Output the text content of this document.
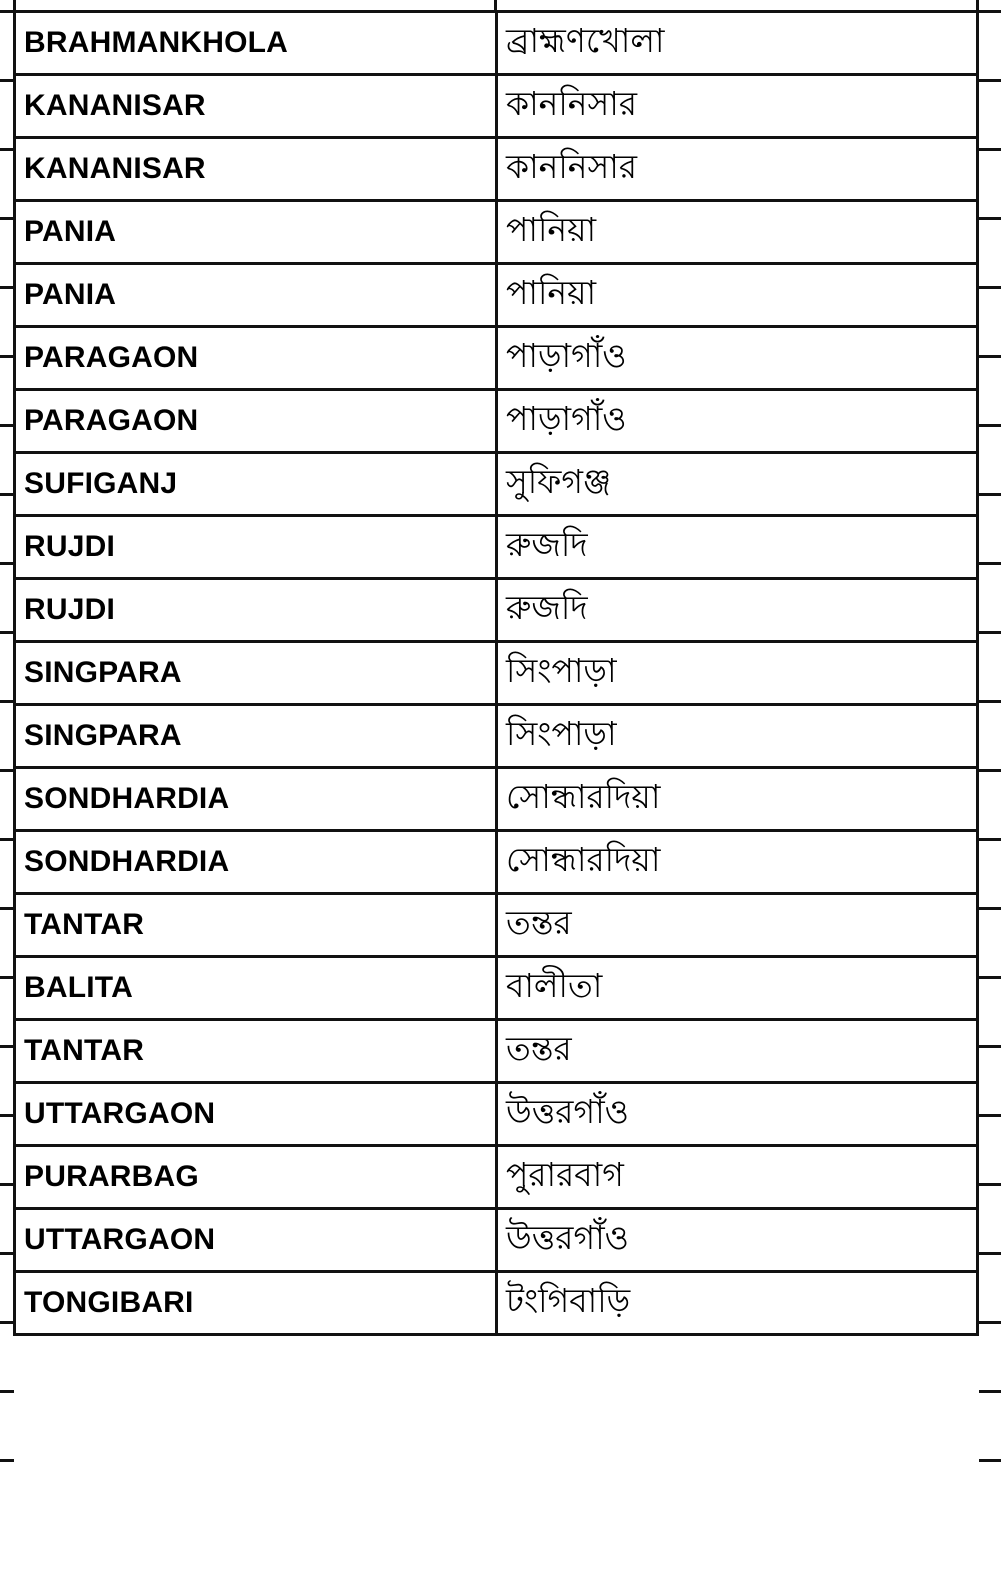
BRAHMANKHOLA	ব্রাহ্মণখোলা
KANANISAR	কাননিসার
KANANISAR	কাননিসার
PANIA	পানিয়া
PANIA	পানিয়া
PARAGAON	পাড়াগাঁও
PARAGAON	পাড়াগাঁও
SUFIGANJ	সুফিগঞ্জ
RUJDI	রুজদি
RUJDI	রুজদি
SINGPARA	সিংপাড়া
SINGPARA	সিংপাড়া
SONDHARDIA	সোন্ধারদিয়া
SONDHARDIA	সোন্ধারদিয়া
TANTAR	তন্তর
BALITA	বালীতা
TANTAR	তন্তর
UTTARGAON	উত্তরগাঁও
PURARBAG	পুরারবাগ
UTTARGAON	উত্তরগাঁও
TONGIBARI	টংগিবাড়ি
